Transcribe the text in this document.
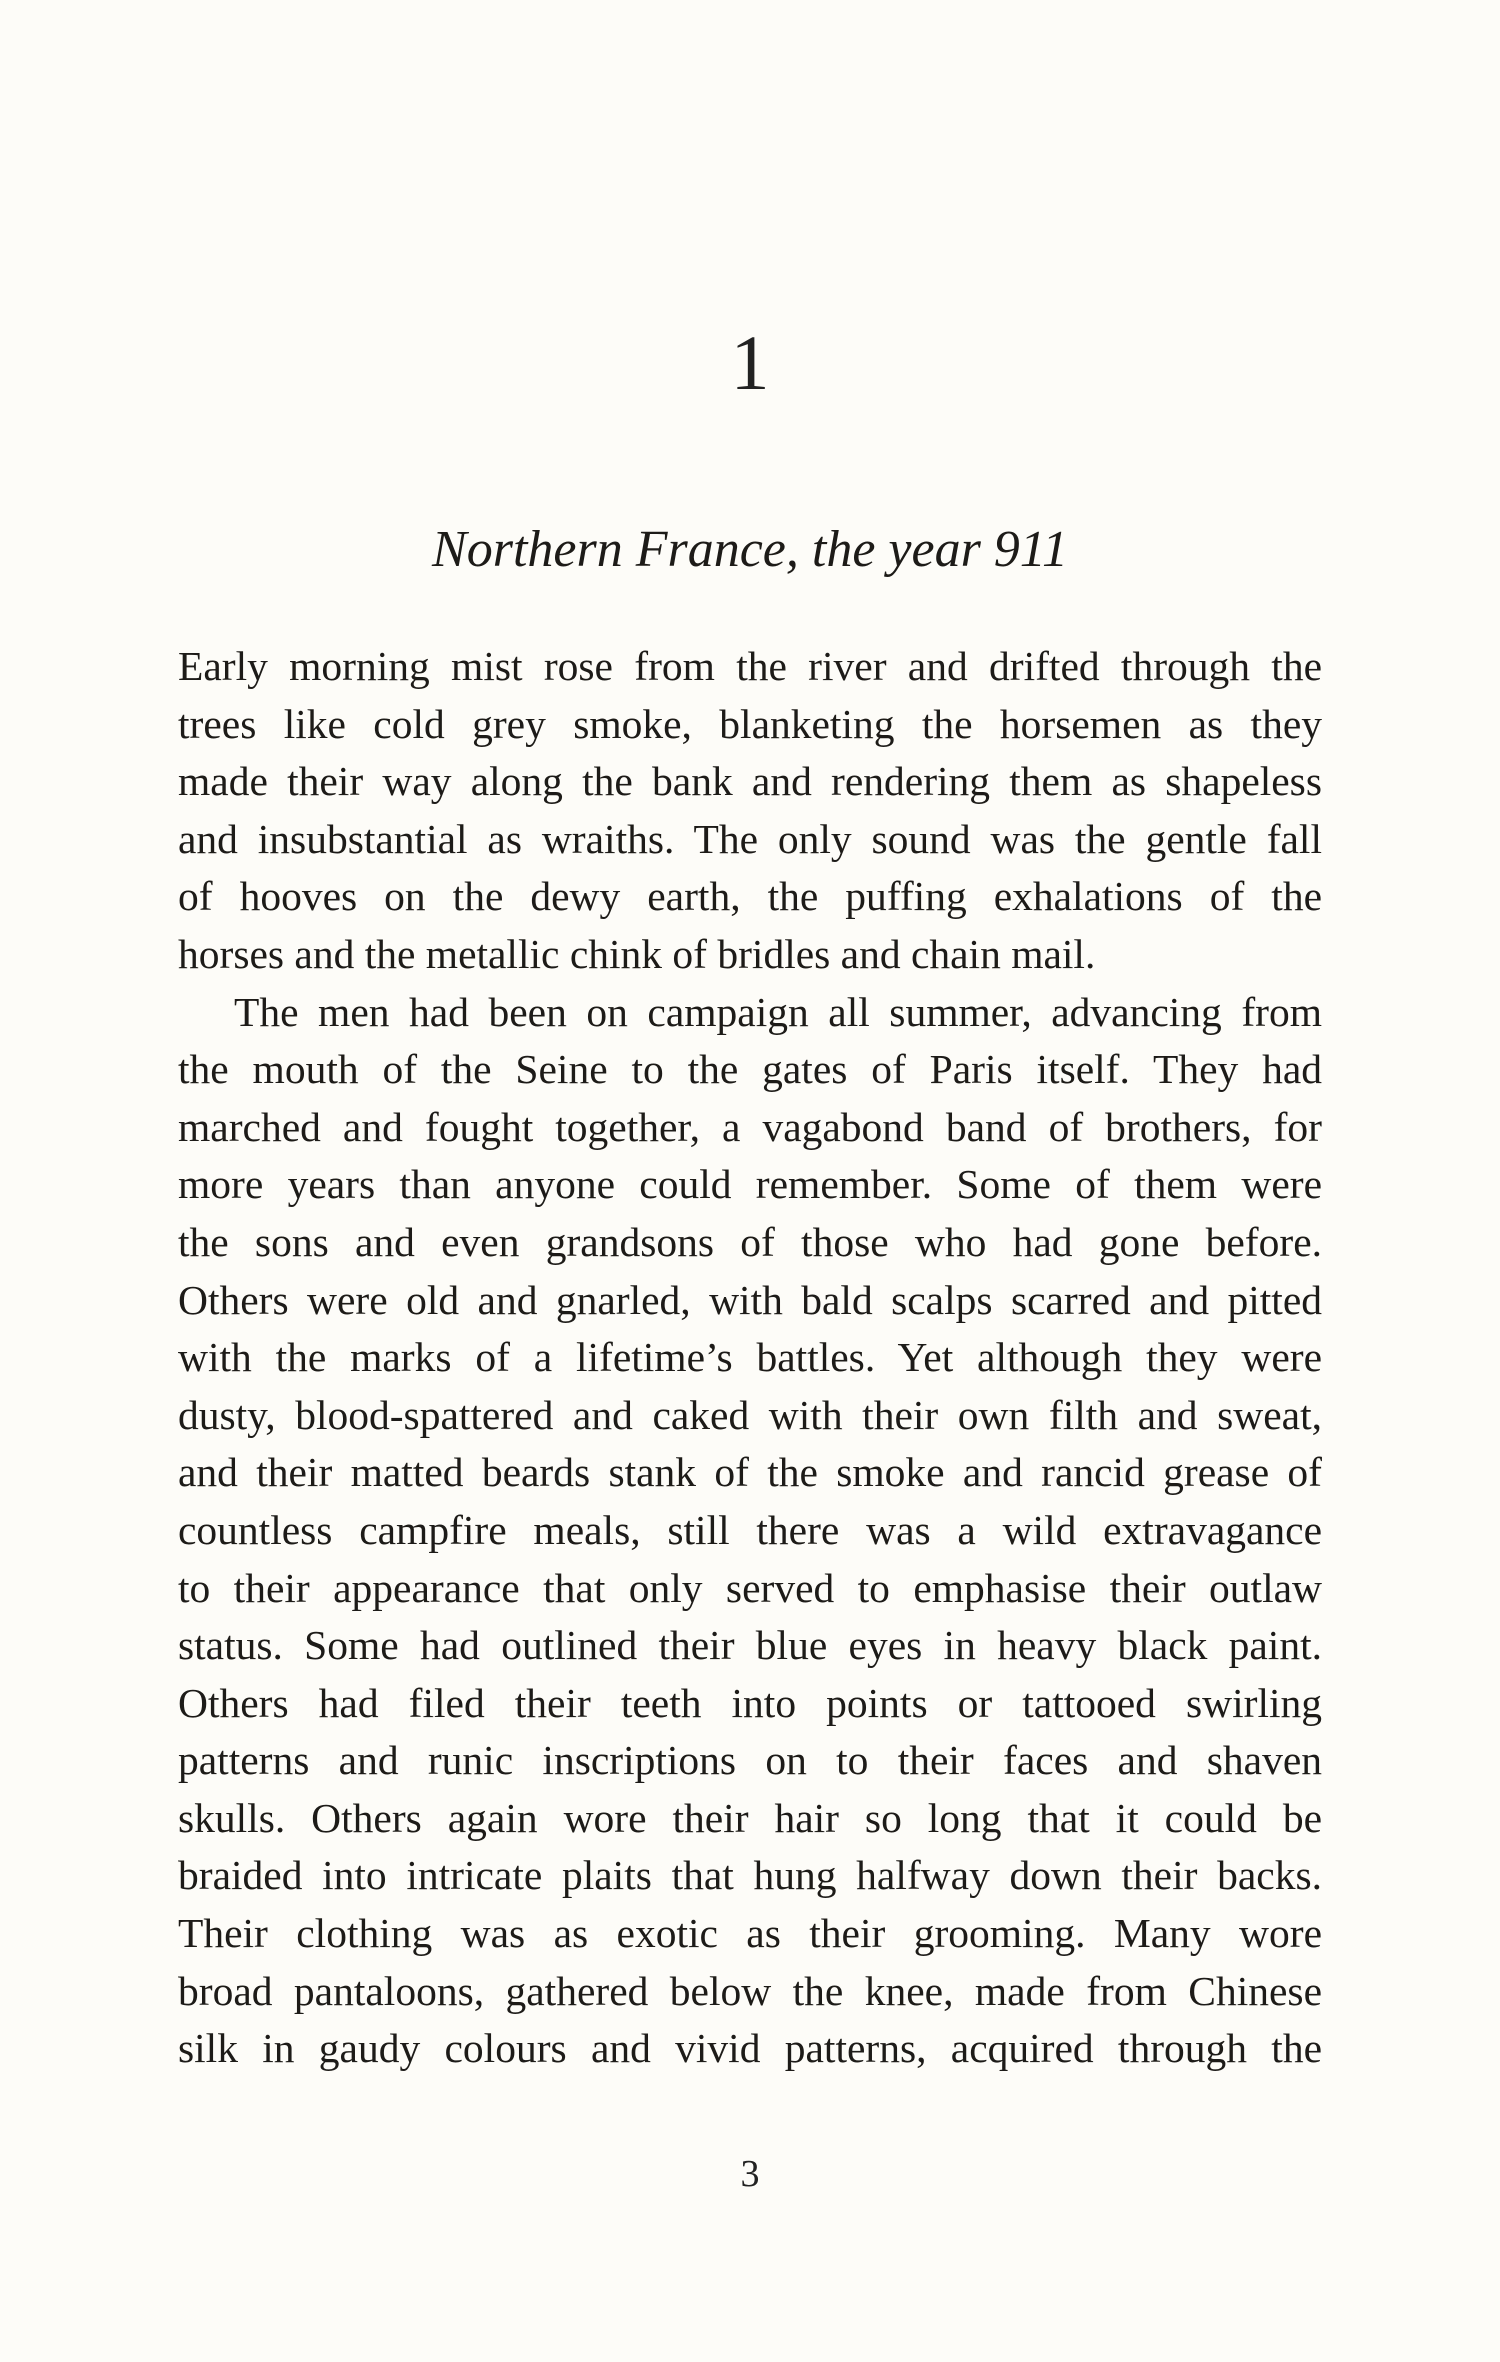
1
Northern France, the year 911
Early morning mist rose from the river and drifted through the
trees like cold grey smoke, blanketing the horsemen as they
made their way along the bank and rendering them as shapeless
and insubstantial as wraiths. The only sound was the gentle fall
of hooves on the dewy earth, the puffing exhalations of the
horses and the metallic chink of bridles and chain mail.
The men had been on campaign all summer, advancing from
the mouth of the Seine to the gates of Paris itself. They had
marched and fought together, a vagabond band of brothers, for
more years than anyone could remember. Some of them were
the sons and even grandsons of those who had gone before.
Others were old and gnarled, with bald scalps scarred and pitted
with the marks of a lifetime’s battles. Yet although they were
dusty, blood-spattered and caked with their own filth and sweat,
and their matted beards stank of the smoke and rancid grease of
countless campfire meals, still there was a wild extravagance
to their appearance that only served to emphasise their outlaw
status. Some had outlined their blue eyes in heavy black paint.
Others had filed their teeth into points or tattooed swirling
patterns and runic inscriptions on to their faces and shaven
skulls. Others again wore their hair so long that it could be
braided into intricate plaits that hung halfway down their backs.
Their clothing was as exotic as their grooming. Many wore
broad pantaloons, gathered below the knee, made from Chinese
silk in gaudy colours and vivid patterns, acquired through the
3
